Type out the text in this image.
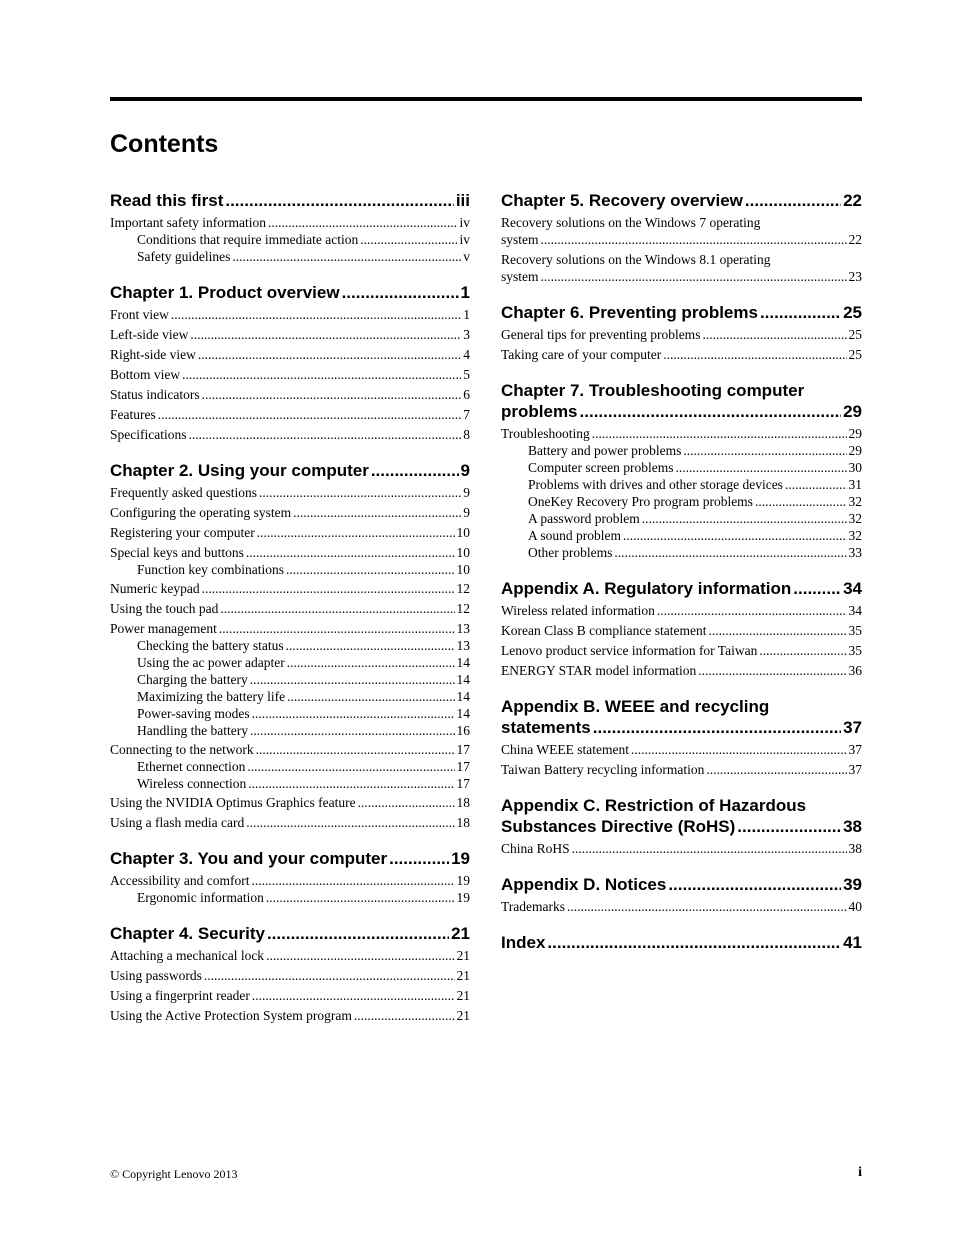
Contents
Read this first .....	iii
Important safety information .....	iv
Conditions that require immediate action .....	iv
Safety guidelines .....	v
Chapter 1. Product overview .....	1
Front view .....	1
Left-side view .....	3
Right-side view .....	4
Bottom view .....	5
Status indicators .....	6
Features .....	7
Specifications .....	8
Chapter 2. Using your computer .....	9
Frequently asked questions .....	9
Configuring the operating system .....	9
Registering your computer .....	10
Special keys and buttons .....	10
Function key combinations .....	10
Numeric keypad .....	12
Using the touch pad .....	12
Power management .....	13
Checking the battery status .....	13
Using the ac power adapter .....	14
Charging the battery .....	14
Maximizing the battery life .....	14
Power-saving modes .....	14
Handling the battery .....	16
Connecting to the network .....	17
Ethernet connection .....	17
Wireless connection .....	17
Using the NVIDIA Optimus Graphics feature .....	18
Using a flash media card .....	18
Chapter 3. You and your computer .....	19
Accessibility and comfort .....	19
Ergonomic information .....	19
Chapter 4. Security .....	21
Attaching a mechanical lock .....	21
Using passwords .....	21
Using a fingerprint reader .....	21
Using the Active Protection System program .....	21
Chapter 5. Recovery overview .....	22
Recovery solutions on the Windows 7 operating
system .....	22
Recovery solutions on the Windows 8.1 operating
system .....	23
Chapter 6. Preventing problems .....	25
General tips for preventing problems .....	25
Taking care of your computer .....	25
Chapter 7. Troubleshooting computer
problems .....	29
Troubleshooting .....	29
Battery and power problems .....	29
Computer screen problems .....	30
Problems with drives and other storage devices .....	31
OneKey Recovery Pro program problems .....	32
A password problem .....	32
A sound problem .....	32
Other problems .....	33
Appendix A. Regulatory information .....	34
Wireless related information .....	34
Korean Class B compliance statement .....	35
Lenovo product service information for Taiwan .....	35
ENERGY STAR model information .....	36
Appendix B. WEEE and recycling
statements .....	37
China WEEE statement .....	37
Taiwan Battery recycling information .....	37
Appendix C. Restriction of Hazardous
Substances Directive (RoHS) .....	38
China RoHS .....	38
Appendix D. Notices .....	39
Trademarks .....	40
Index .....	41
© Copyright Lenovo 2013	i
